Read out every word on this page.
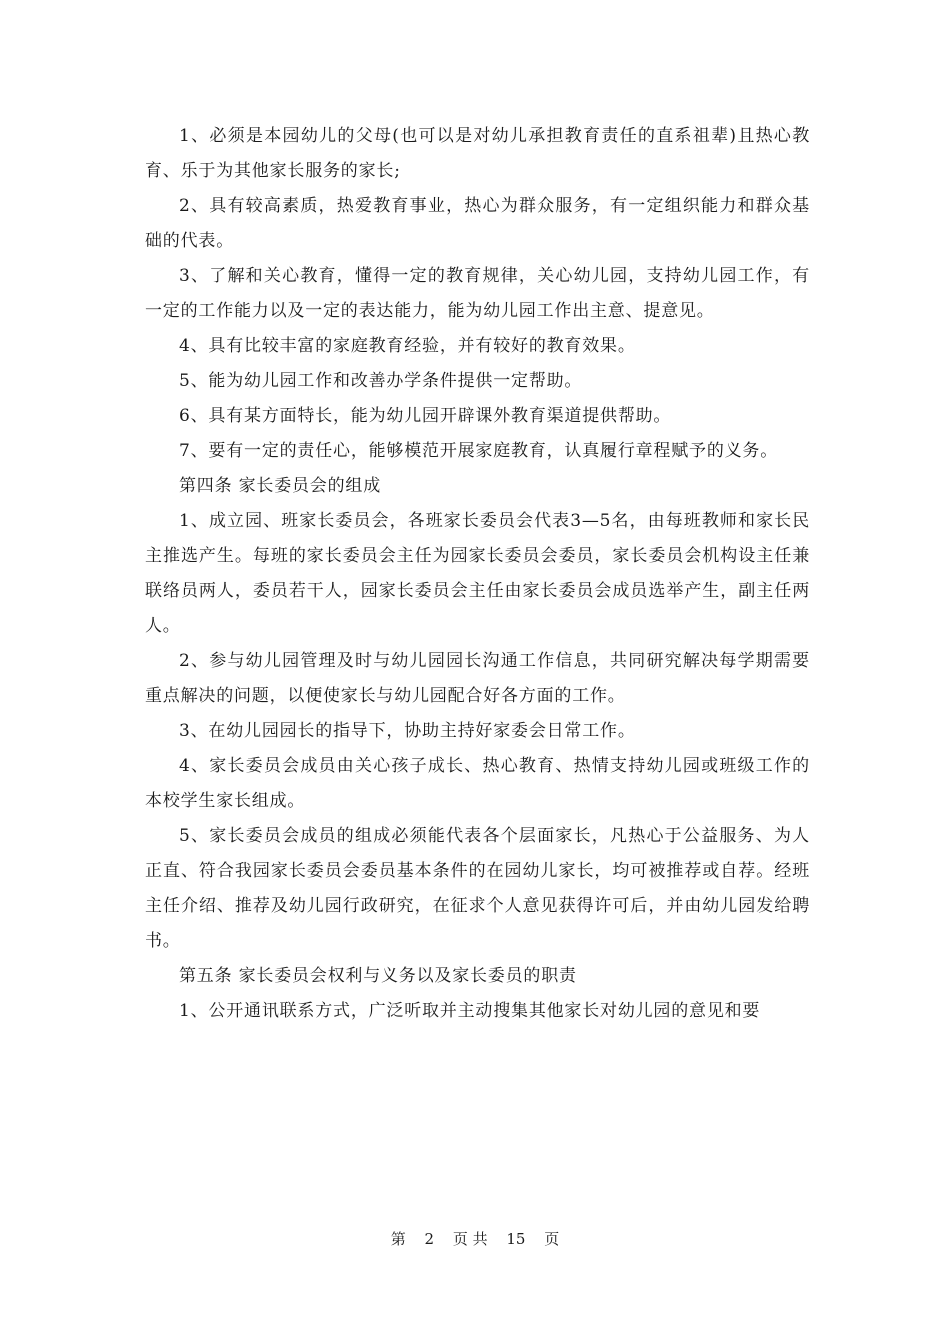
1、必须是本园幼儿的父母(也可以是对幼儿承担教育责任的直系祖辈)且热心教育、乐于为其他家长服务的家长;

2、具有较高素质，热爱教育事业，热心为群众服务，有一定组织能力和群众基础的代表。

3、了解和关心教育，懂得一定的教育规律，关心幼儿园，支持幼儿园工作，有一定的工作能力以及一定的表达能力，能为幼儿园工作出主意、提意见。

4、具有比较丰富的家庭教育经验，并有较好的教育效果。

5、能为幼儿园工作和改善办学条件提供一定帮助。

6、具有某方面特长，能为幼儿园开辟课外教育渠道提供帮助。

7、要有一定的责任心，能够模范开展家庭教育，认真履行章程赋予的义务。

第四条 家长委员会的组成

1、成立园、班家长委员会，各班家长委员会代表3—5名，由每班教师和家长民主推选产生。每班的家长委员会主任为园家长委员会委员，家长委员会机构设主任兼联络员两人，委员若干人，园家长委员会主任由家长委员会成员选举产生，副主任两人。

2、参与幼儿园管理及时与幼儿园园长沟通工作信息，共同研究解决每学期需要重点解决的问题，以便使家长与幼儿园配合好各方面的工作。

3、在幼儿园园长的指导下，协助主持好家委会日常工作。

4、家长委员会成员由关心孩子成长、热心教育、热情支持幼儿园或班级工作的本校学生家长组成。

5、家长委员会成员的组成必须能代表各个层面家长，凡热心于公益服务、为人正直、符合我园家长委员会委员基本条件的在园幼儿家长，均可被推荐或自荐。经班主任介绍、推荐及幼儿园行政研究，在征求个人意见获得许可后，并由幼儿园发给聘书。

第五条 家长委员会权利与义务以及家长委员的职责

1、公开通讯联系方式，广泛听取并主动搜集其他家长对幼儿园的意见和要

第 2 页 共 15 页
